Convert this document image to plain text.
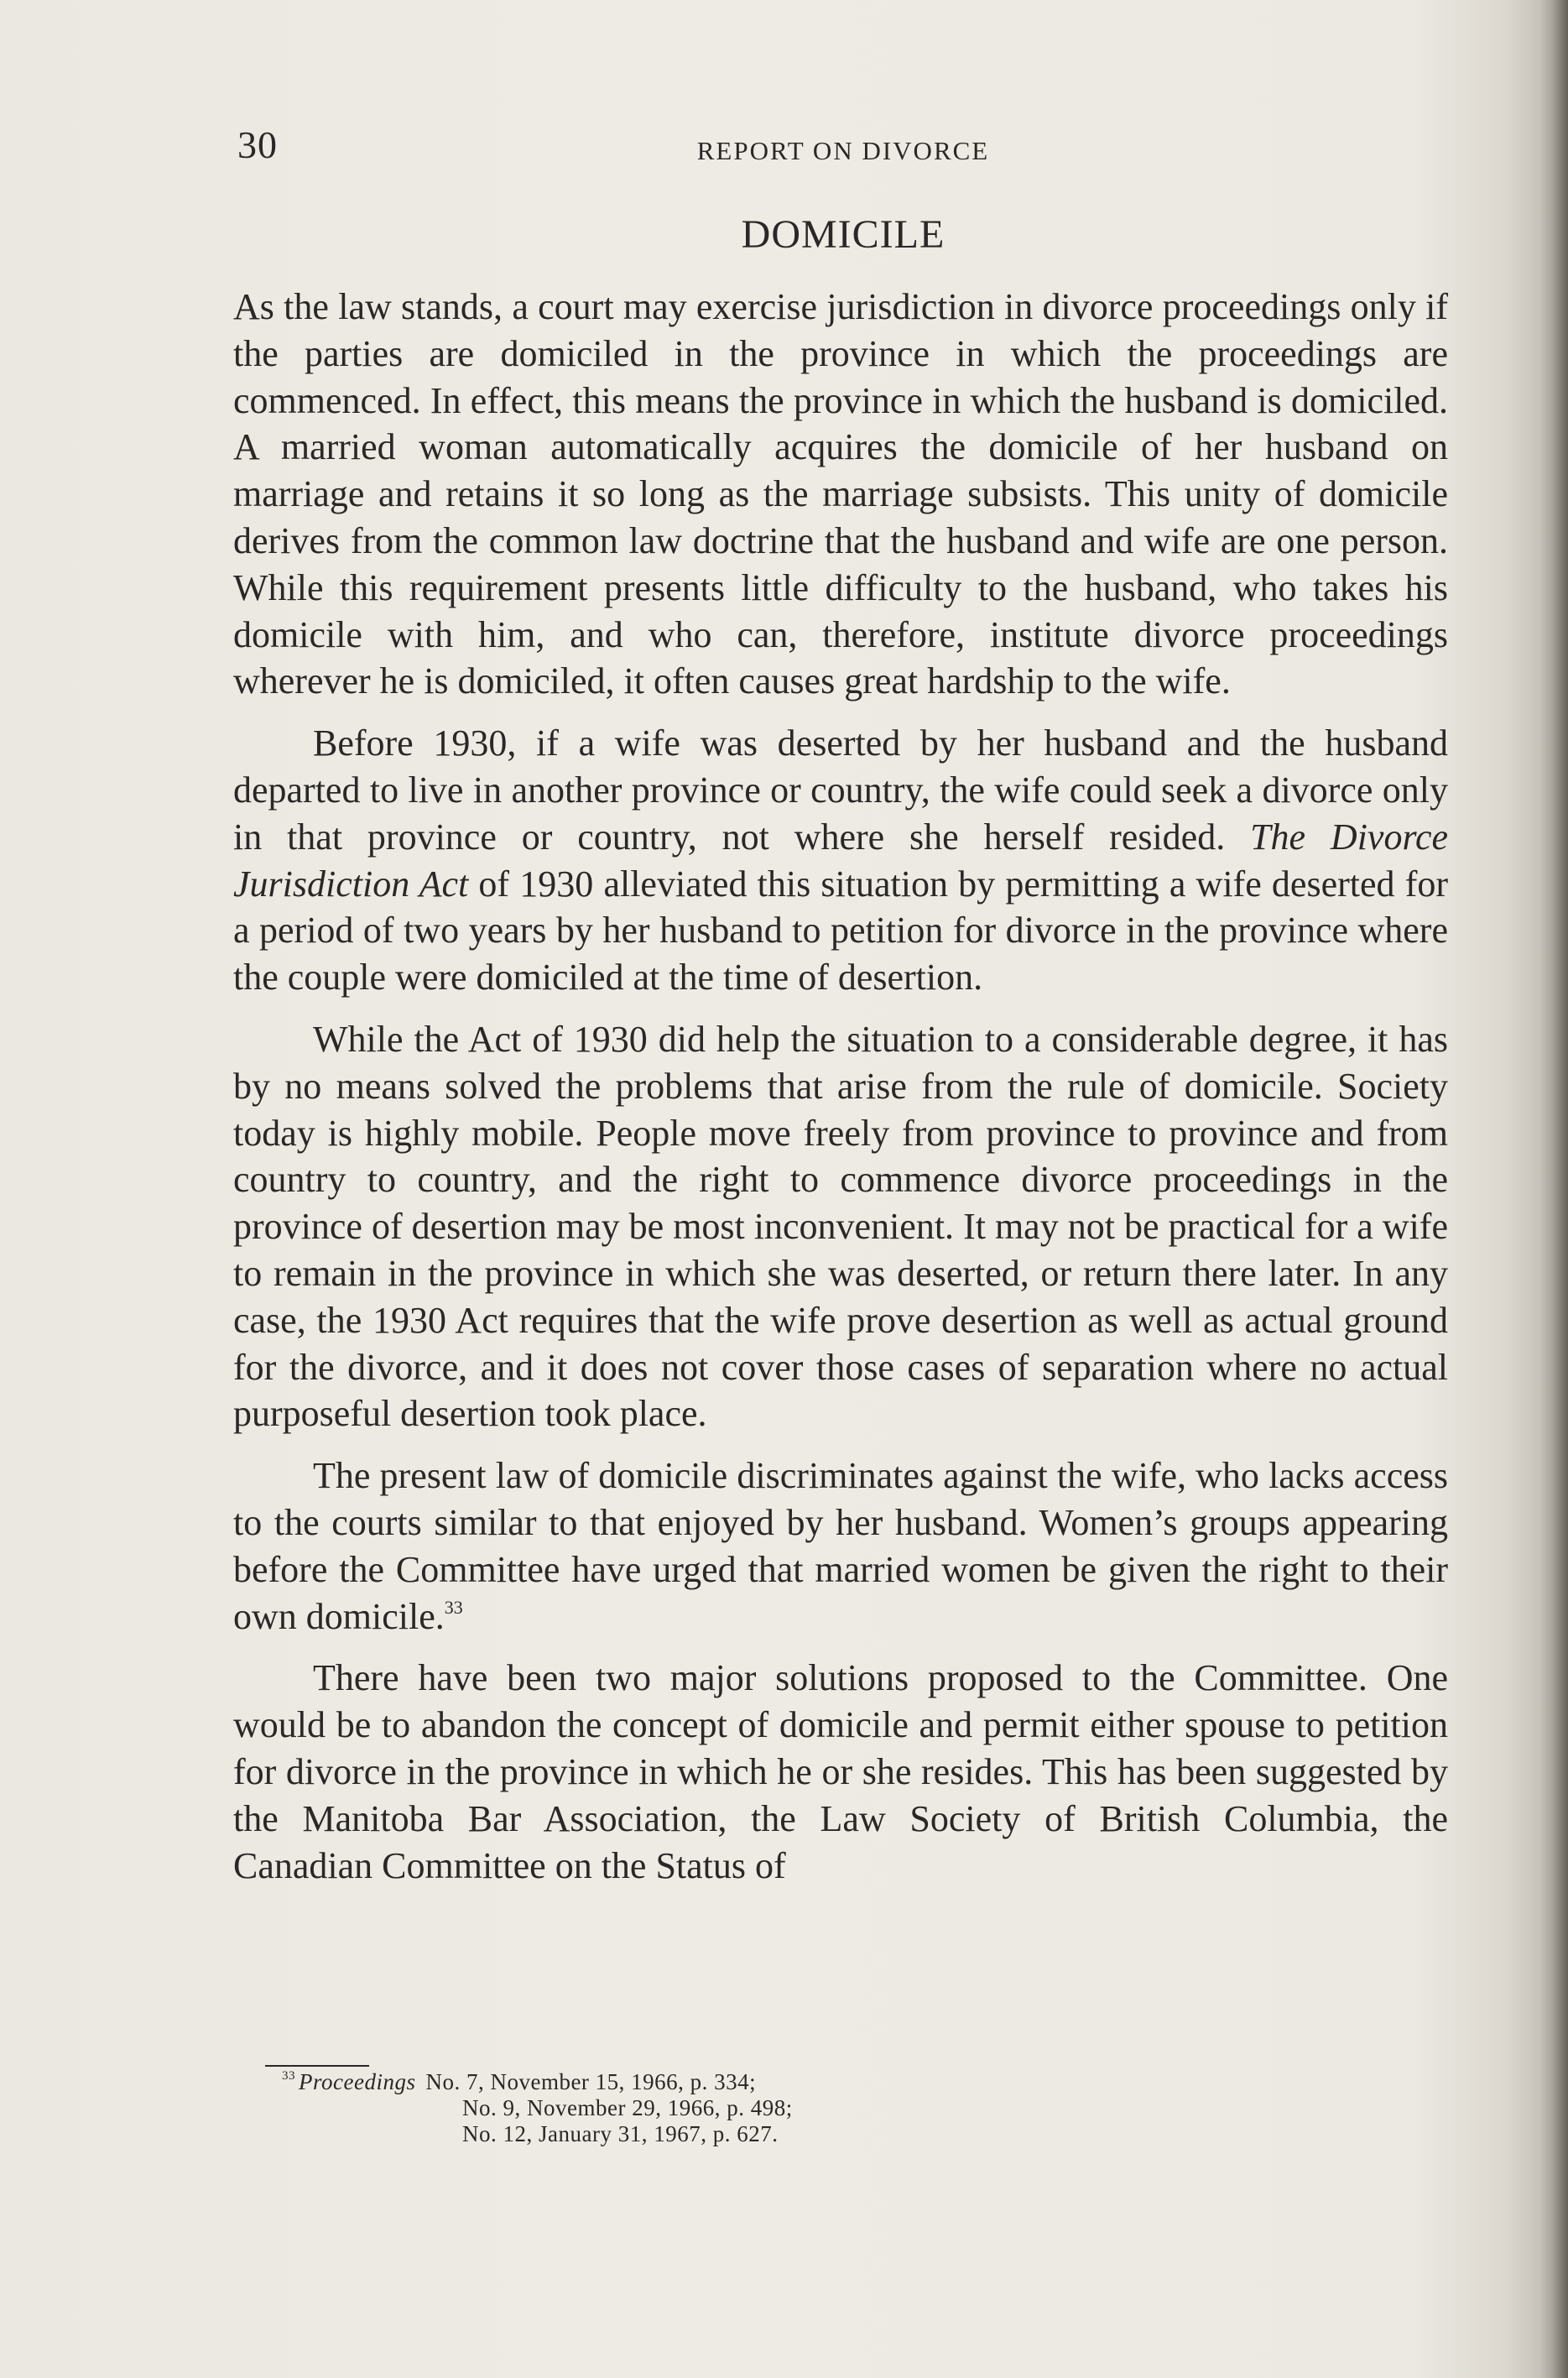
30	REPORT ON DIVORCE
DOMICILE

As the law stands, a court may exercise jurisdiction in divorce proceedings only if the parties are domiciled in the province in which the proceedings are commenced. In effect, this means the province in which the husband is domiciled. A married woman automatically acquires the domicile of her husband on marriage and retains it so long as the marriage subsists. This unity of domicile derives from the common law doctrine that the husband and wife are one person. While this requirement presents little difficulty to the husband, who takes his domicile with him, and who can, therefore, institute divorce proceedings wherever he is domiciled, it often causes great hardship to the wife.

Before 1930, if a wife was deserted by her husband and the husband departed to live in another province or country, the wife could seek a divorce only in that province or country, not where she herself resided. The Divorce Jurisdiction Act of 1930 alleviated this situation by permitting a wife deserted for a period of two years by her husband to petition for divorce in the province where the couple were domiciled at the time of desertion.

While the Act of 1930 did help the situation to a considerable degree, it has by no means solved the problems that arise from the rule of domicile. Society today is highly mobile. People move freely from province to province and from country to country, and the right to commence divorce proceedings in the province of desertion may be most inconvenient. It may not be practical for a wife to remain in the province in which she was deserted, or return there later. In any case, the 1930 Act requires that the wife prove desertion as well as actual ground for the divorce, and it does not cover those cases of separation where no actual purposeful desertion took place.

The present law of domicile discriminates against the wife, who lacks access to the courts similar to that enjoyed by her husband. Women’s groups appearing before the Committee have urged that married women be given the right to their own domicile.$^{33}$

There have been two major solutions proposed to the Committee. One would be to abandon the concept of domicile and permit either spouse to petition for divorce in the province in which he or she resides. This has been suggested by the Manitoba Bar Association, the Law Society of British Columbia, the Canadian Committee on the Status of

$^{33}$ Proceedings No. 7, November 15, 1966, p. 334;
No. 9, November 29, 1966, p. 498;
No. 12, January 31, 1967, p. 627.
